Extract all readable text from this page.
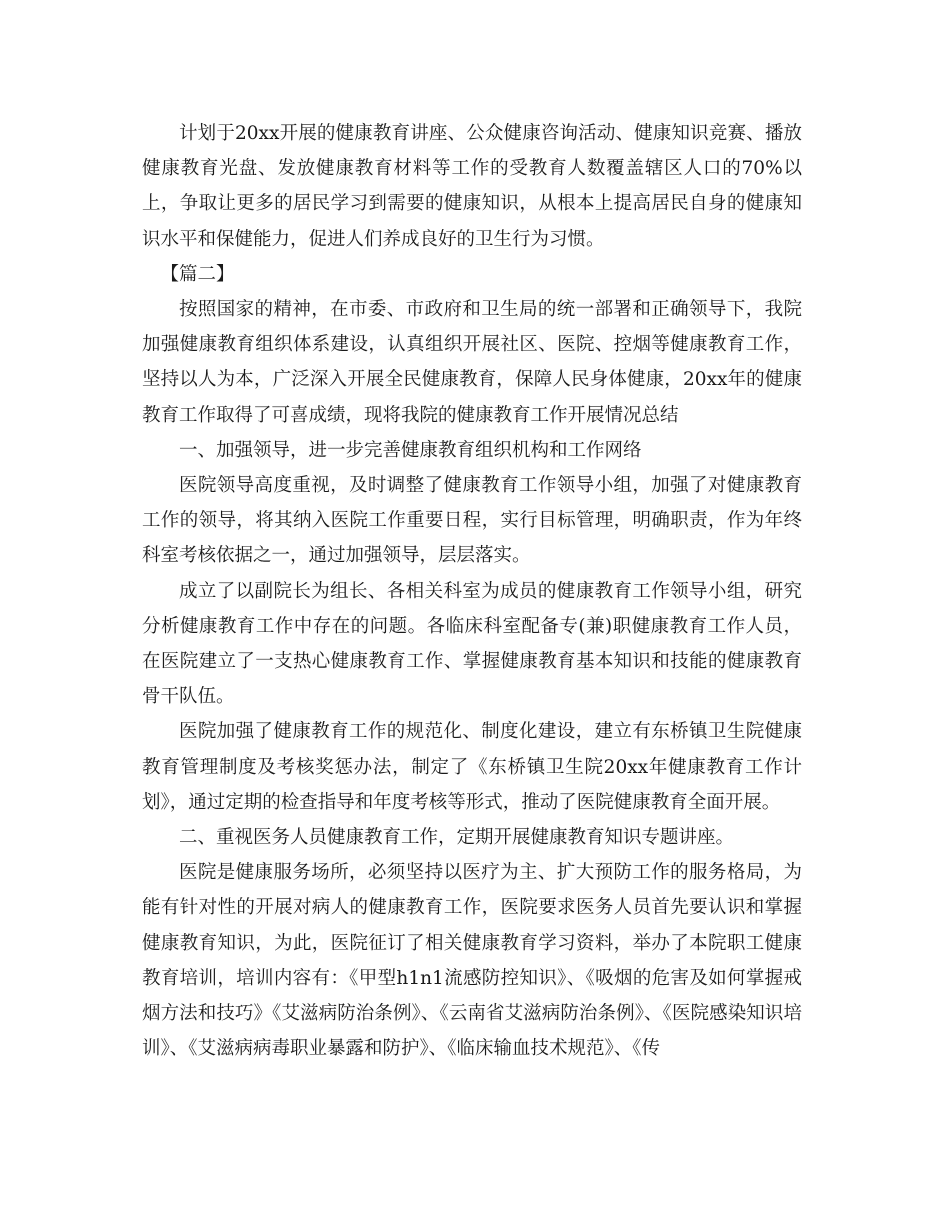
计划于20xx开展的健康教育讲座、公众健康咨询活动、健康知识竞赛、播放健康教育光盘、发放健康教育材料等工作的受教育人数覆盖辖区人口的70%以上，争取让更多的居民学习到需要的健康知识，从根本上提高居民自身的健康知识水平和保健能力，促进人们养成良好的卫生行为习惯。

【篇二】

按照国家的精神，在市委、市政府和卫生局的统一部署和正确领导下，我院加强健康教育组织体系建设，认真组织开展社区、医院、控烟等健康教育工作，坚持以人为本，广泛深入开展全民健康教育，保障人民身体健康，20xx年的健康教育工作取得了可喜成绩，现将我院的健康教育工作开展情况总结

一、加强领导，进一步完善健康教育组织机构和工作网络

医院领导高度重视，及时调整了健康教育工作领导小组，加强了对健康教育工作的领导，将其纳入医院工作重要日程，实行目标管理，明确职责，作为年终科室考核依据之一，通过加强领导，层层落实。

成立了以副院长为组长、各相关科室为成员的健康教育工作领导小组，研究分析健康教育工作中存在的问题。各临床科室配备专(兼)职健康教育工作人员，在医院建立了一支热心健康教育工作、掌握健康教育基本知识和技能的健康教育骨干队伍。

医院加强了健康教育工作的规范化、制度化建设，建立有东桥镇卫生院健康教育管理制度及考核奖惩办法，制定了《东桥镇卫生院20xx年健康教育工作计划》，通过定期的检查指导和年度考核等形式，推动了医院健康教育全面开展。

二、重视医务人员健康教育工作，定期开展健康教育知识专题讲座。

医院是健康服务场所，必须坚持以医疗为主、扩大预防工作的服务格局，为能有针对性的开展对病人的健康教育工作，医院要求医务人员首先要认识和掌握健康教育知识，为此，医院征订了相关健康教育学习资料，举办了本院职工健康教育培训，培训内容有：《甲型h1n1流感防控知识》、《吸烟的危害及如何掌握戒烟方法和技巧》《艾滋病防治条例》、《云南省艾滋病防治条例》、《医院感染知识培训》、《艾滋病病毒职业暴露和防护》、《临床输血技术规范》、《传
